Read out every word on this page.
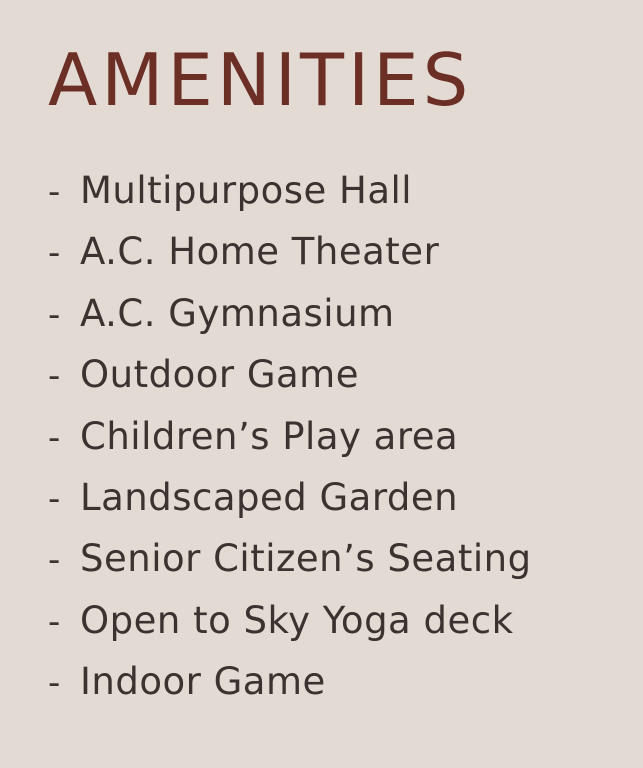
AMENITIES
- Multipurpose Hall
- A.C. Home Theater
- A.C. Gymnasium
- Outdoor Game
- Children’s Play area
- Landscaped Garden
- Senior Citizen’s Seating
- Open to Sky Yoga deck
- Indoor Game
